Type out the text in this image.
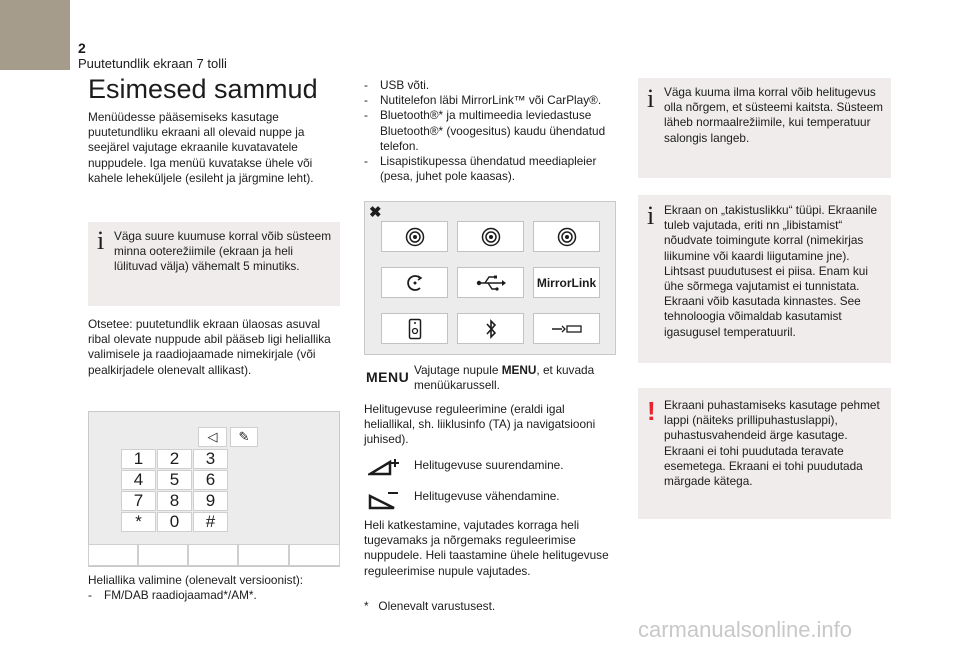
2
Puutetundlik ekraan 7 tolli
Esimesed sammud
Menüüdesse pääsemiseks kasutage puutetundliku ekraani all olevaid nuppe ja seejärel vajutage ekraanile kuvatavatele nuppudele. Iga menüü kuvatakse ühele või kahele leheküljele (esileht ja järgmine leht).
i Väga suure kuumuse korral võib süsteem minna ooterežiimile (ekraan ja heli lülituvad välja) vähemalt 5 minutiks.
Otsetee: puutetundlik ekraan ülaosas asuval ribal olevate nuppude abil pääseb ligi heliallika valimisele ja raadiojaamade nimekirjale (või pealkirjadele olenevalt allikast).
◁	✎
1	2	3
4	5	6
7	8	9
*	0	#
Heliallika valimine (olenevalt versioonist):
- FM/DAB raadiojaamad*/AM*.
- USB võti.
- Nutitelefon läbi MirrorLink™ või CarPlay®.
- Bluetooth®* ja multimeedia leviedastuse Bluetooth®* (voogesitus) kaudu ühendatud telefon.
- Lisapistikupessa ühendatud meediapleier (pesa, juhet pole kaasas).
✖
MirrorLink
MENU Vajutage nupule MENU, et kuvada menüükarussell.
Helitugevuse reguleerimine (eraldi igal heliallikal, sh. liiklusinfo (TA) ja navigatsiooni juhised).
Helitugevuse suurendamine.
Helitugevuse vähendamine.
Heli katkestamine, vajutades korraga heli tugevamaks ja nõrgemaks reguleerimise nuppudele. Heli taastamine ühele helitugevuse reguleerimise nupule vajutades.
*   Olenevalt varustusest.
i Väga kuuma ilma korral võib helitugevus olla nõrgem, et süsteemi kaitsta. Süsteem läheb normaalrežiimile, kui temperatuur salongis langeb.
i Ekraan on „takistuslikku“ tüüpi. Ekraanile tuleb vajutada, eriti nn „libistamist“ nõudvate toimingute korral (nimekirjas liikumine või kaardi liigutamine jne). Lihtsast puudutusest ei piisa. Enam kui ühe sõrmega vajutamist ei tunnistata. Ekraani võib kasutada kinnastes. See tehnoloogia võimaldab kasutamist igasugusel temperatuuril.
! Ekraani puhastamiseks kasutage pehmet lappi (näiteks prillipuhastuslappi), puhastusvahendeid ärge kasutage. Ekraani ei tohi puudutada teravate esemetega. Ekraani ei tohi puudutada märgade kätega.
carmanualsonline.info
